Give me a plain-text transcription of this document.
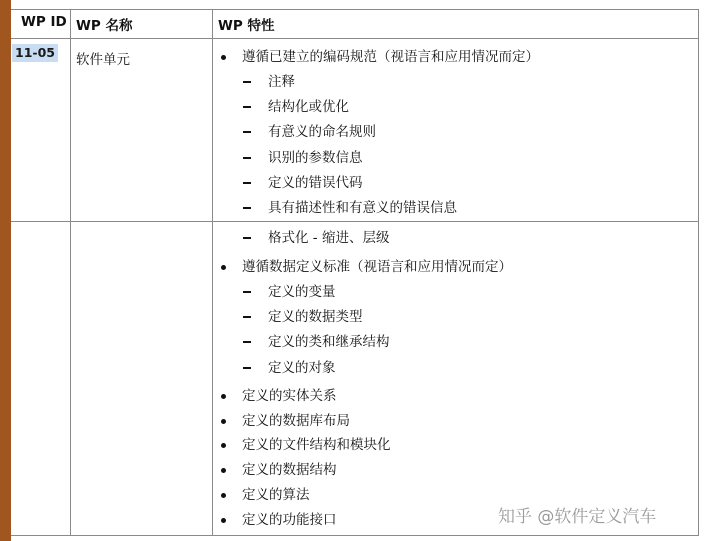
WP ID WP 名称	WP 特性
11-05 软件单元	遵循已建立的编码规范（视语言和应用情况而定）
注释
结构化或优化
有意义的命名规则
识别的参数信息
定义的错误代码
具有描述性和有意义的错误信息
格式化 - 缩进、层级
遵循数据定义标准（视语言和应用情况而定）
定义的变量
定义的数据类型
定义的类和继承结构
定义的对象
定义的实体关系
定义的数据库布局
定义的文件结构和模块化
定义的数据结构
定义的算法
定义的功能接口	知乎 @软件定义汽车
